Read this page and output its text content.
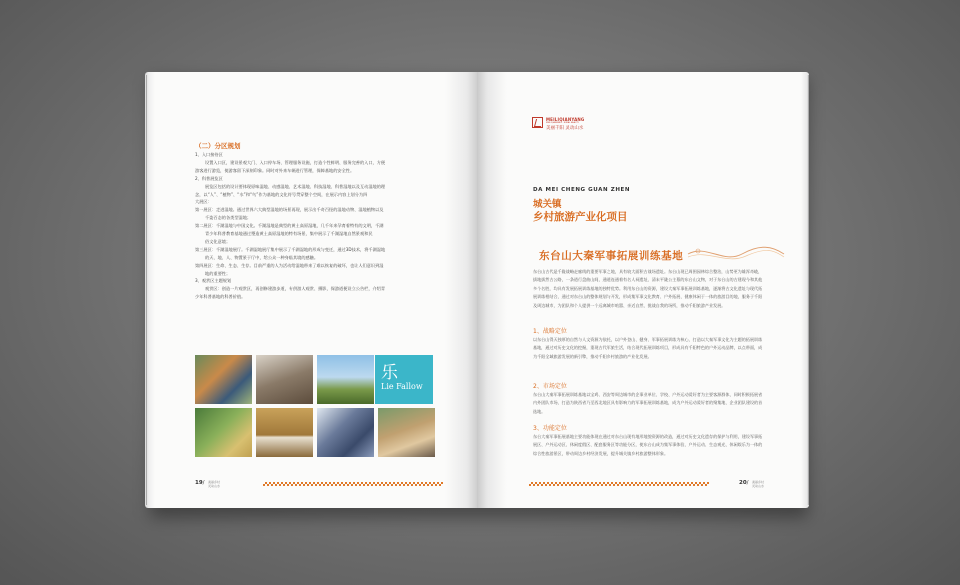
（二）分区规划
1、入口接待区
设置入口区，建设景观大门、入口停车场、管理服务设施，打造个性鲜明、服务完善的入口，方便
游客进行游览，使游客留下深刻印象。同时对外来车辆进行管理，保障基地的安全性。
2、科普展览区
展览区包括的设计要体现原味湿地、动感湿地、艺术湿地、科技湿地、科普湿地以及互动湿地的理
念，以“人”、“植物”、“水”和“鸟”作为基地的文化符号贯穿整个空间，在展示内容上划分为四
大展区：
第一展区：走进湿地。通过世界六大典型湿地的场景再现，展示出千奇百怪的湿地动物、湿地植物以及
千姿百态的各类型湿地；
第二展区：千湖湿地与中国文化。千湖湿地是典型的黄土高原湿地，几千年来孕育着特有的文明，千湖
青少年科普教育基地通过塑造黄土高原湿地的特有场景，集中展示了千湖湿地自然景观和民
俗文化意境；
第三展区：千湖湿地展厅。千湖湿地展厅集中展示了千湖湿地的形成与变迁，通过3D技术，将千湖湿地
的天、地、人、物置景于厅中，给公众一种身临其境的感触。
第四展区：生命、生态、生存。目前严重的人为活动给湿地带来了难以恢复的破坏，也让人们意识到湿
地的重要性；
3、观赏区主题规划
观赏区：创造一片观赏区，再创修建游步道，专供游人观赏、摄影，保游道便设立公告栏，介绍青
少年科普基地的科普价值。
乐
Lie Fallow
19/ 美丽乡村
灵动山水
MEILIQIANYANG
MEILIQIANYANG · RURAL BEAUTY
美丽千阳 灵动山水
DA MEI CHENG GUAN ZHEN
城关镇
乡村旅游产业化项目
东台山大秦军事拓展训练基地
东台山古代是千陇战略走廊线的重要军事之地，具有较大面积古战场遗址。东台山现已周围园林综合整治，山势更为雄浑奇峻，拔地拔然古公路，一条道行盘曲山间，通道连通着有名人祠遗址、清末平陇公主墓的东台山文物，对于东台山的古建现今和其他多个名胜，均具有发展拓展训练基地的独特优势。利用东台山的资源，建设大秦军事拓展训练基地，逐渐将古文化遗址与现代拓展训练相结合，通过对东台山的整体规划与开发，形成集军事文化教育、户外拓展、健康休闲于一体的旅游目的地，服务于千阳及周边城市，为团队和个人提供一个远离城市喧嚣、亲近自然、挑战自我的场所，推动千阳旅游产业发展。
1、战略定位
以东台山得天独厚的自然与人文资源为依托，以户外登山、健身、军事拓展训练为核心，打造以大秦军事文化为主题的拓展训练基地，通过对历史文化的挖掘，重现古代军旅生活，结合现代拓展训练项目，形成具有千阳特色的户外运动品牌，以点带面，成为千阳全域旅游发展的新引擎，推动千阳乡村旅游的产业化发展。
2、市场定位
东台山大秦军事拓展训练基地以宝鸡、西安等周边城市的企事业单位、学校、户外运动爱好者为主要客源群体，同时积极拓展省内外团队市场，打造为陕西省乃至西北地区具有影响力的军事拓展训练基地，成为户外运动爱好者的聚集地、企业团队建设的首选地。
3、功能定位
东台大秦军事拓展基地主要功能体现在通过对东台山现有地形地貌资源的改造，通过对历史文化遗存的保护与利用，建设军事拓展区、户外运动区、休闲度假区、配套服务区等功能分区，使东台山成为集军事体验、户外运动、生态观光、休闲娱乐为一体的综合性旅游景区，带动周边乡村经济发展，提升城关镇乡村旅游整体形象。
20/ 美丽乡村
灵动山水
